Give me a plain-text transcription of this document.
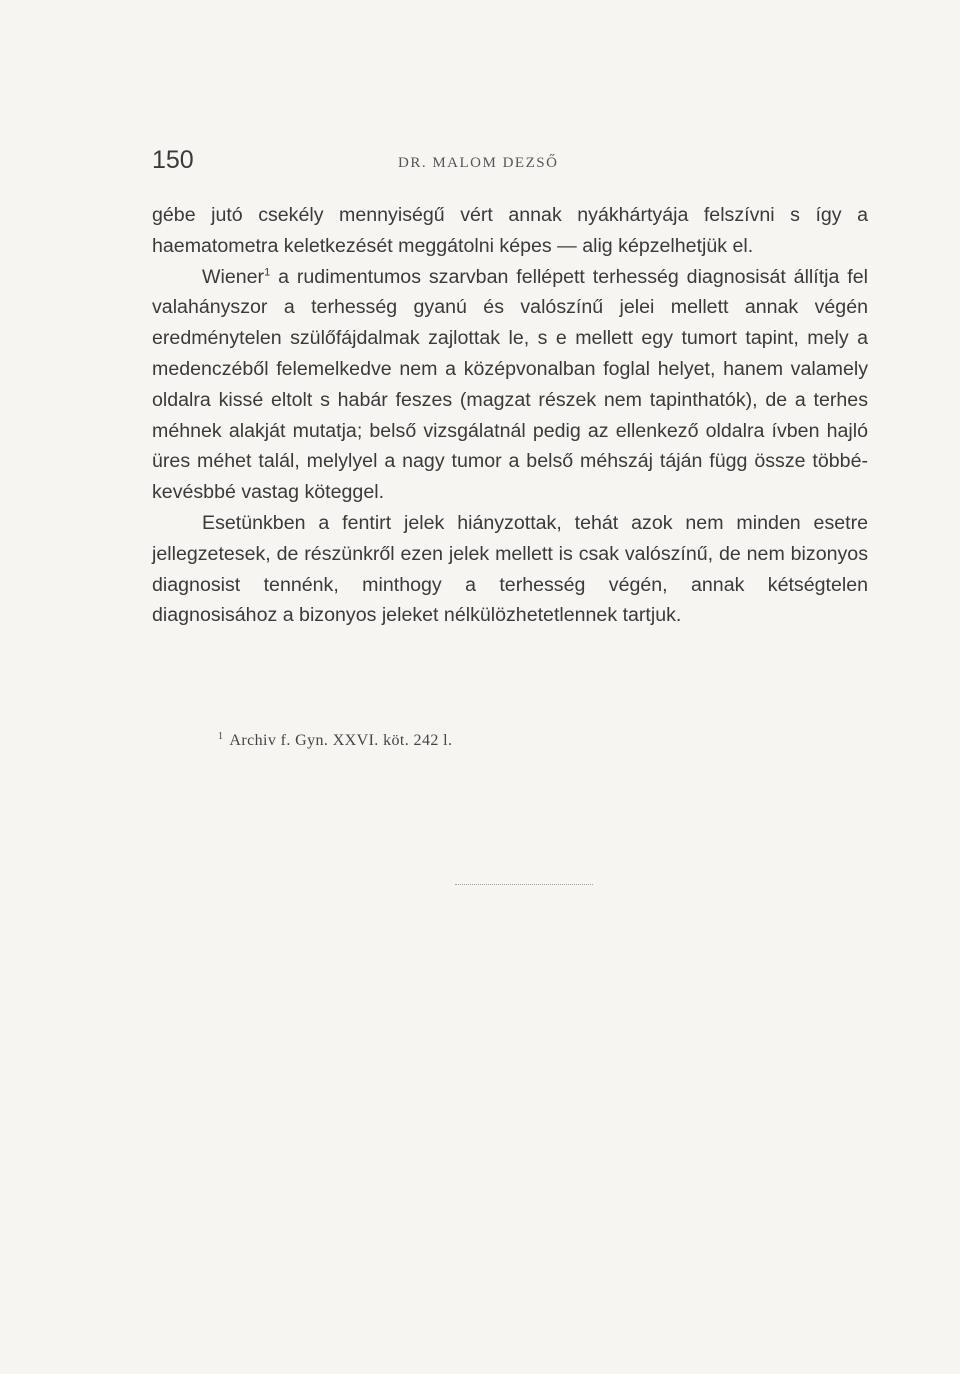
150	DR. MALOM DEZSŐ

gébe jutó csekély mennyiségű vért annak nyákhártyája felszívni s így a haematometra keletkezését meggátolni képes — alig képzelhetjük el.

Wiener$^1$ a rudimentumos szarvban fellépett terhesség diagnosisát állítja fel valahányszor a terhesség gyanú és valószínű jelei mellett annak végén eredménytelen szülőfájdalmak zajlottak le, s e mellett egy tumort tapint, mely a medenczéből felemelkedve nem a középvonalban foglal helyet, hanem valamely oldalra kissé eltolt s habár feszes (magzat részek nem tapinthatók), de a terhes méhnek alakját mutatja; belső vizsgálatnál pedig az ellenkező oldalra ívben hajló üres méhet talál, melylyel a nagy tumor a belső méhszáj táján függ össze többé-kevésbbé vastag köteggel.

Esetünkben a fentirt jelek hiányzottak, tehát azok nem minden esetre jellegzetesek, de részünkről ezen jelek mellett is csak valószínű, de nem bizonyos diagnosist tennénk, minthogy a terhesség végén, annak kétségtelen diagnosisához a bizonyos jeleket nélkülözhetetlennek tartjuk.

$^1$ Archiv f. Gyn. XXVI. köt. 242 l.
